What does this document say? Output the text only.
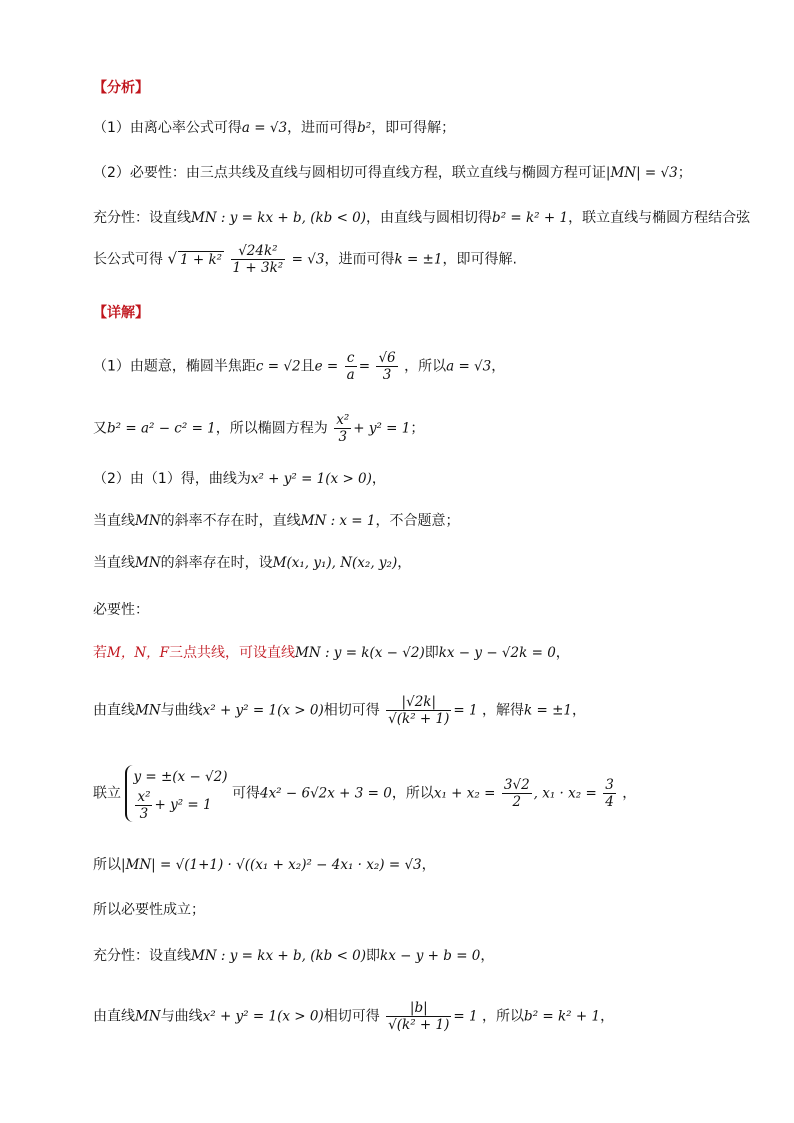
【分析】
（1）由离心率公式可得a = √3，进而可得b²，即可得解；
（2）必要性：由三点共线及直线与圆相切可得直线方程，联立直线与椭圆方程可证|MN| = √3；
充分性：设直线MN : y = kx + b, (kb < 0)，由直线与圆相切得b² = k² + 1，联立直线与椭圆方程结合弦
长公式可得 √ $1 + k^2 \frac{\text{√24k²}}{\text{1 + 3k²}} = √3$，进而可得k = ±1，即可得解.
【详解】
（1）由题意，椭圆半焦距c = √2且$e = \frac{c}{a} = \frac{√6}{3}$ ，所以a = √3，
又b² = a² − c² = 1，所以椭圆方程为 $\frac{\text{x²}}{3} + y^2 = 1$；
（2）由（1）得，曲线为x² + y² = 1(x > 0)，
当直线MN的斜率不存在时，直线MN : x = 1，不合题意；
当直线MN的斜率存在时，设M(x₁, y₁), N(x₂, y₂)，
必要性：
若M，N，F三点共线，可设直线MN : y = k(x − √2)即kx − y − √2k = 0，
由直线MN与曲线x² + y² = 1(x > 0)相切可得 $\frac{|√2k|}{\text{√(k² + 1)}} = 1$ ，解得k = ±1，
联立
y = ±(x − √2)
$\frac{\text{x²}}{3} + y^2 = 1$
可得4x² − 6√2x + 3 = 0，所以$x_1 + x_2 = \frac{3√2}{2}$ , $x_1 \cdot x_2 = \frac{3}{4}$ ，
所以|MN| = √(1+1) · √((x₁ + x₂)² − 4x₁ · x₂) = √3，
所以必要性成立；
充分性：设直线MN : y = kx + b, (kb < 0)即kx − y + b = 0，
由直线MN与曲线x² + y² = 1(x > 0)相切可得 $\frac{|b|}{\text{√(k² + 1)}} = 1$ ，所以b² = k² + 1，
